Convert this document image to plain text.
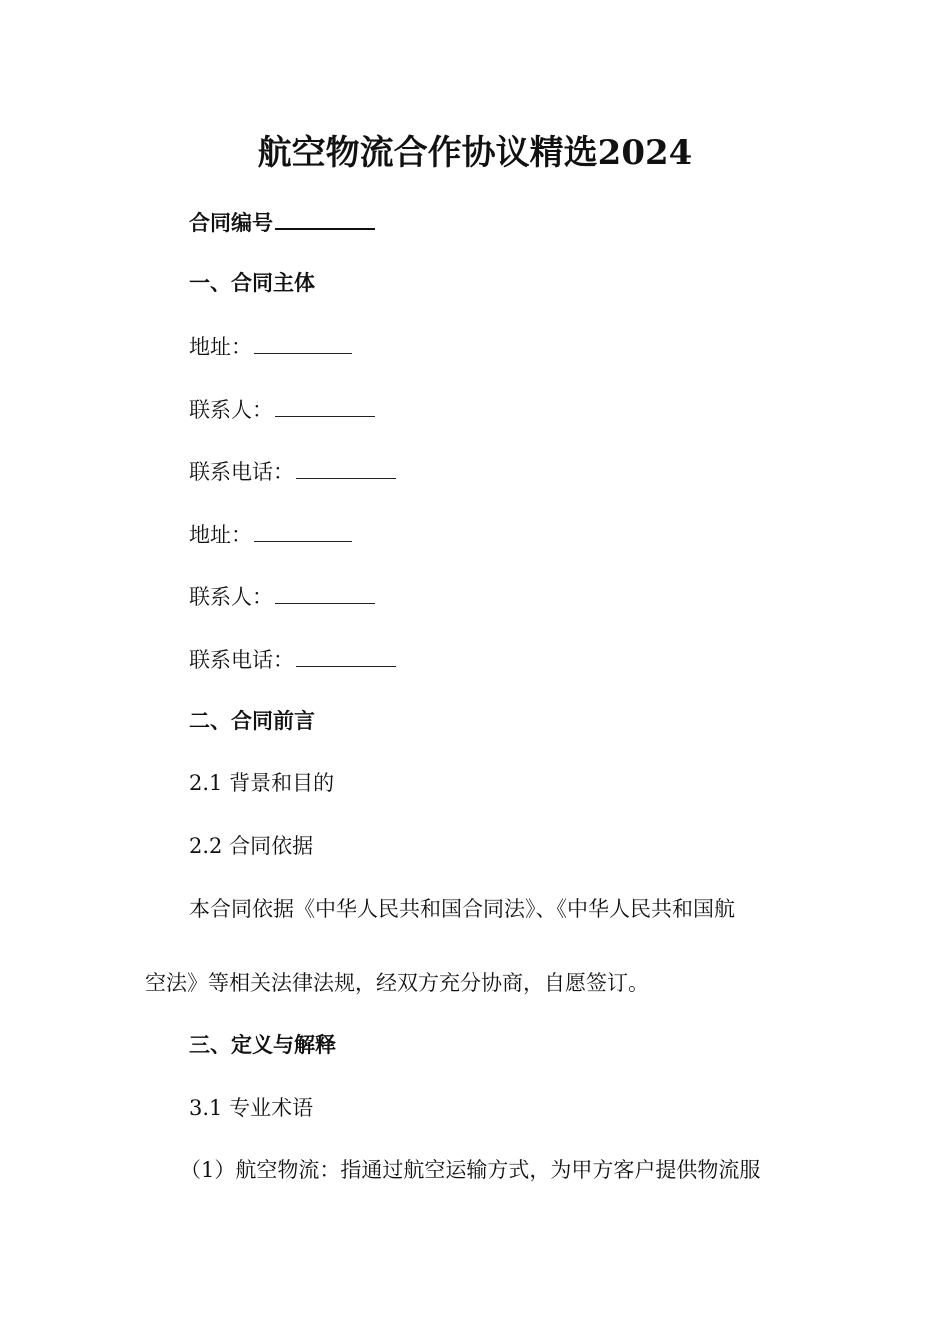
航空物流合作协议精选2024
合同编号
一、合同主体
地址：
联系人：
联系电话：
地址：
联系人：
联系电话：
二、合同前言
2.1 背景和目的
2.2 合同依据
本合同依据《中华人民共和国合同法》、《中华人民共和国航
空法》等相关法律法规，经双方充分协商，自愿签订。
三、定义与解释
3.1 专业术语
（1）航空物流：指通过航空运输方式，为甲方客户提供物流服
